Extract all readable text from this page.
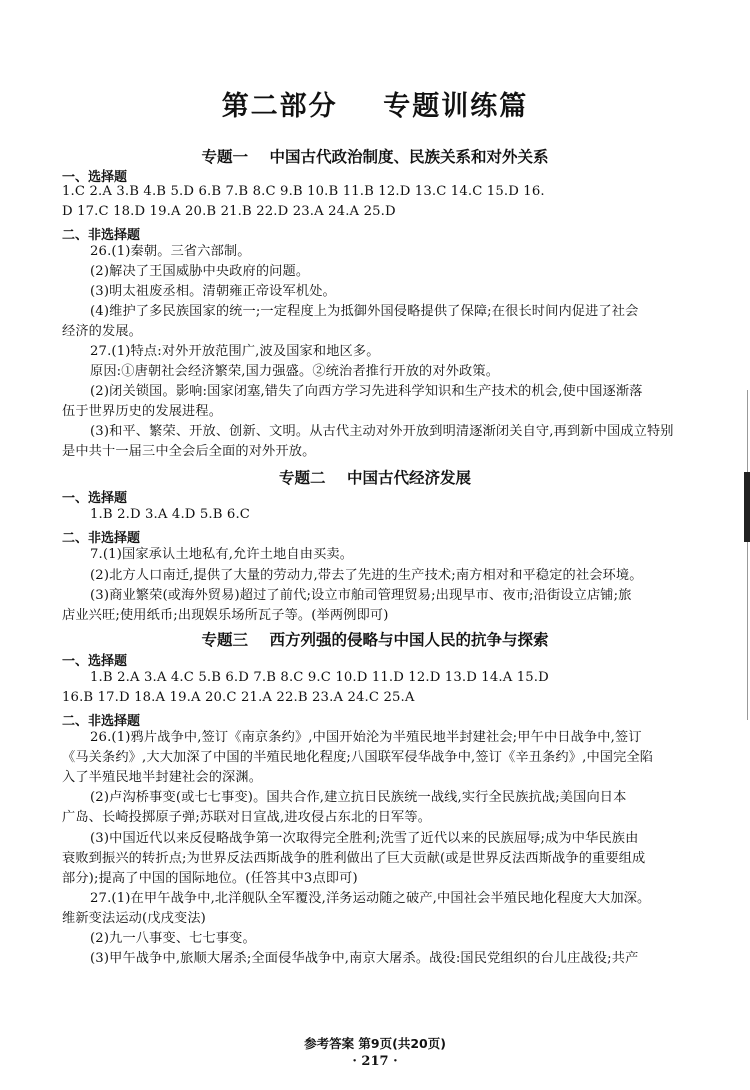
第二部分    专题训练篇
专题一    中国古代政治制度、民族关系和对外关系
一、选择题
1.C 2.A 3.B 4.B 5.D 6.B 7.B 8.C 9.B 10.B 11.B 12.D 13.C 14.C 15.D 16.
D 17.C 18.D 19.A 20.B 21.B 22.D 23.A 24.A 25.D
二、非选择题
26.(1)秦朝。三省六部制。
(2)解决了王国威胁中央政府的问题。
(3)明太祖废丞相。清朝雍正帝设军机处。
(4)维护了多民族国家的统一;一定程度上为抵御外国侵略提供了保障;在很长时间内促进了社会
经济的发展。
27.(1)特点:对外开放范围广,波及国家和地区多。
原因:①唐朝社会经济繁荣,国力强盛。②统治者推行开放的对外政策。
(2)闭关锁国。影响:国家闭塞,错失了向西方学习先进科学知识和生产技术的机会,使中国逐渐落
伍于世界历史的发展进程。
(3)和平、繁荣、开放、创新、文明。从古代主动对外开放到明清逐渐闭关自守,再到新中国成立特别
是中共十一届三中全会后全面的对外开放。
专题二    中国古代经济发展
一、选择题
1.B 2.D 3.A 4.D 5.B 6.C
二、非选择题
7.(1)国家承认土地私有,允许土地自由买卖。
(2)北方人口南迁,提供了大量的劳动力,带去了先进的生产技术;南方相对和平稳定的社会环境。
(3)商业繁荣(或海外贸易)超过了前代;设立市舶司管理贸易;出现早市、夜市;沿街设立店铺;旅
店业兴旺;使用纸币;出现娱乐场所瓦子等。(举两例即可)
专题三    西方列强的侵略与中国人民的抗争与探索
一、选择题
1.B 2.A 3.A 4.C 5.B 6.D 7.B 8.C 9.C 10.D 11.D 12.D 13.D 14.A 15.D
16.B 17.D 18.A 19.A 20.C 21.A 22.B 23.A 24.C 25.A
二、非选择题
26.(1)鸦片战争中,签订《南京条约》,中国开始沦为半殖民地半封建社会;甲午中日战争中,签订
《马关条约》,大大加深了中国的半殖民地化程度;八国联军侵华战争中,签订《辛丑条约》,中国完全陷
入了半殖民地半封建社会的深渊。
(2)卢沟桥事变(或七七事变)。国共合作,建立抗日民族统一战线,实行全民族抗战;美国向日本
广岛、长崎投掷原子弹;苏联对日宣战,进攻侵占东北的日军等。
(3)中国近代以来反侵略战争第一次取得完全胜利;洗雪了近代以来的民族屈辱;成为中华民族由
衰败到振兴的转折点;为世界反法西斯战争的胜利做出了巨大贡献(或是世界反法西斯战争的重要组成
部分);提高了中国的国际地位。(任答其中3点即可)
27.(1)在甲午战争中,北洋舰队全军覆没,洋务运动随之破产,中国社会半殖民地化程度大大加深。
维新变法运动(戊戌变法)
(2)九一八事变、七七事变。
(3)甲午战争中,旅顺大屠杀;全面侵华战争中,南京大屠杀。战役:国民党组织的台儿庄战役;共产
参考答案 第9页(共20页)
· 217 ·
